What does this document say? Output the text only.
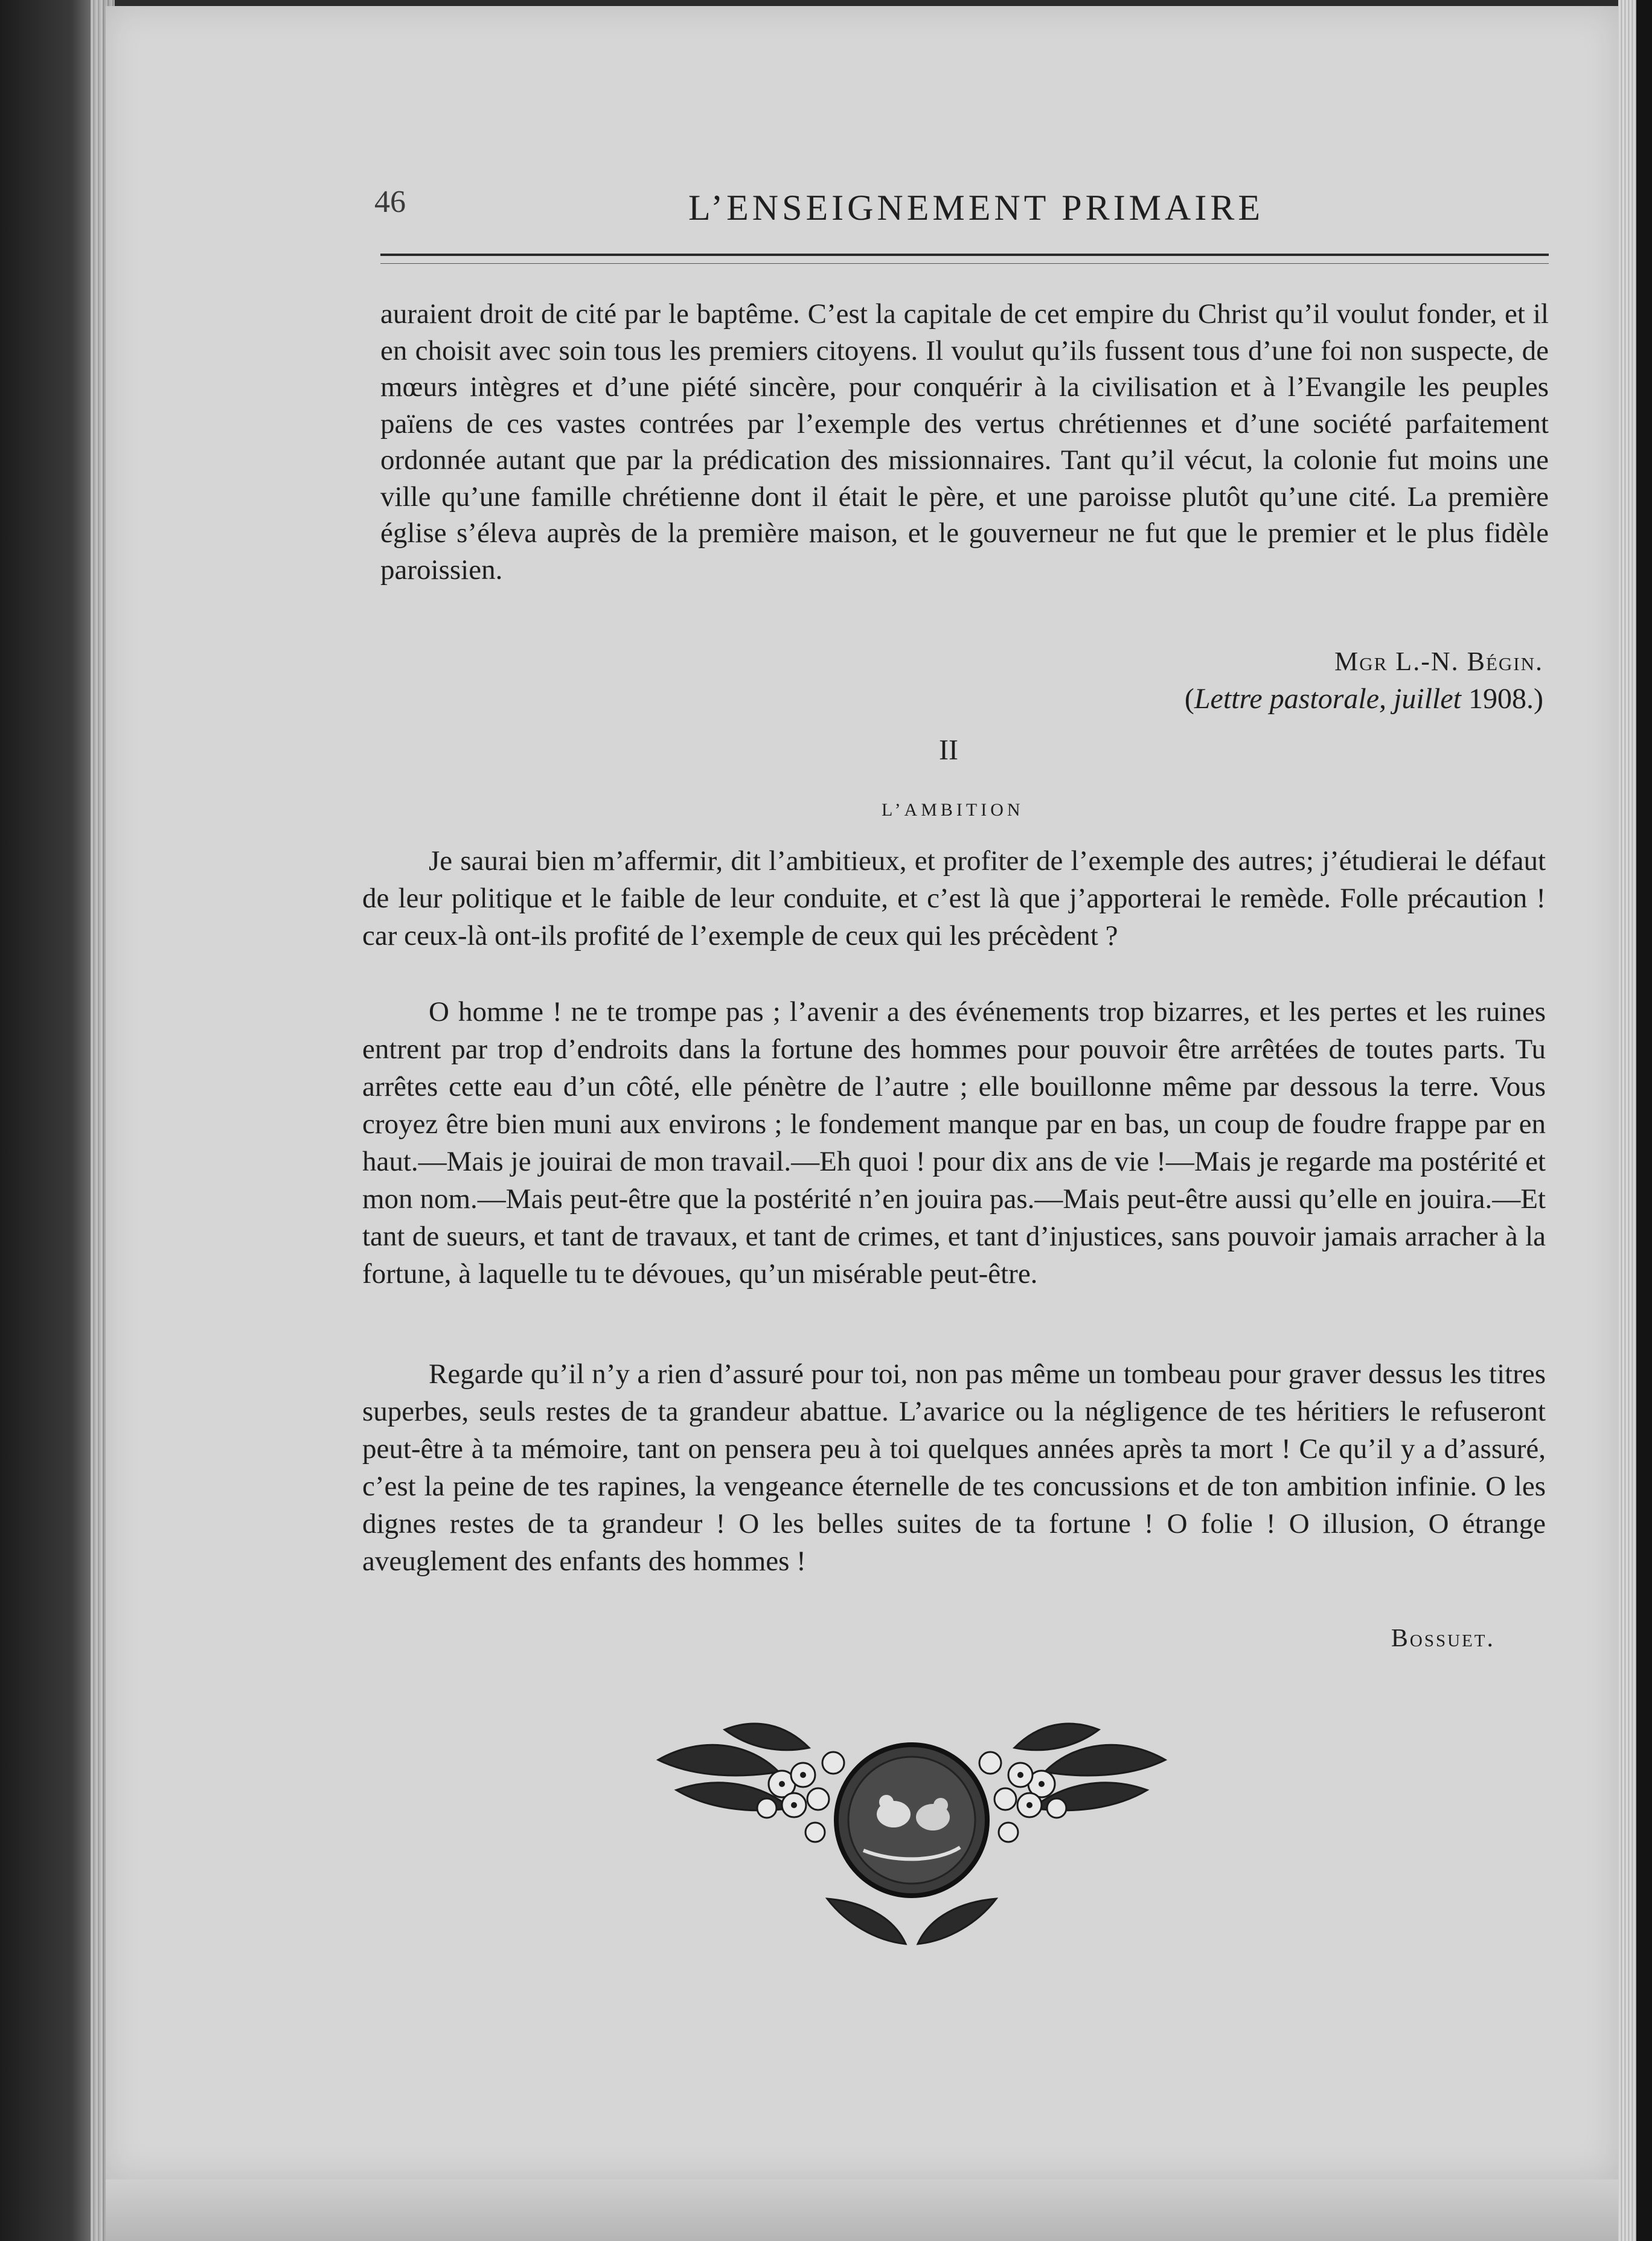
46	L’ENSEIGNEMENT PRIMAIRE
auraient droit de cité par le baptême. C’est la capitale de cet empire du Christ qu’il voulut fonder, et il en choisit avec soin tous les premiers citoyens. Il voulut qu’ils fussent tous d’une foi non suspecte, de mœurs intègres et d’une piété sincère, pour conquérir à la civilisation et à l’Evangile les peuples païens de ces vastes contrées par l’exemple des vertus chrétiennes et d’une société parfaitement ordonnée autant que par la prédication des missionnaires. Tant qu’il vécut, la colonie fut moins une ville qu’une famille chrétienne dont il était le père, et une paroisse plutôt qu’une cité. La première église s’éleva auprès de la première maison, et le gouverneur ne fut que le premier et le plus fidèle paroissien.
Mgr L.-N. Bégin.
(Lettre pastorale, juillet 1908.)
II
L’AMBITION
Je saurai bien m’affermir, dit l’ambitieux, et profiter de l’exemple des autres; j’étudierai le défaut de leur politique et le faible de leur conduite, et c’est là que j’apporterai le remède. Folle précaution ! car ceux-là ont-ils profité de l’exemple de ceux qui les précèdent ?
O homme ! ne te trompe pas ; l’avenir a des événements trop bizarres, et les pertes et les ruines entrent par trop d’endroits dans la fortune des hommes pour pouvoir être arrêtées de toutes parts. Tu arrêtes cette eau d’un côté, elle pénètre de l’autre ; elle bouillonne même par dessous la terre. Vous croyez être bien muni aux environs ; le fondement manque par en bas, un coup de foudre frappe par en haut.—Mais je jouirai de mon travail.—Eh quoi ! pour dix ans de vie !—Mais je regarde ma postérité et mon nom.—Mais peut-être que la postérité n’en jouira pas.—Mais peut-être aussi qu’elle en jouira.—Et tant de sueurs, et tant de travaux, et tant de crimes, et tant d’injustices, sans pouvoir jamais arracher à la fortune, à laquelle tu te dévoues, qu’un misérable peut-être.
Regarde qu’il n’y a rien d’assuré pour toi, non pas même un tombeau pour graver dessus les titres superbes, seuls restes de ta grandeur abattue. L’avarice ou la négligence de tes héritiers le refuseront peut-être à ta mémoire, tant on pensera peu à toi quelques années après ta mort ! Ce qu’il y a d’assuré, c’est la peine de tes rapines, la vengeance éternelle de tes concussions et de ton ambition infinie. O les dignes restes de ta grandeur ! O les belles suites de ta fortune ! O folie ! O illusion, O étrange aveuglement des enfants des hommes !
Bossuet.
